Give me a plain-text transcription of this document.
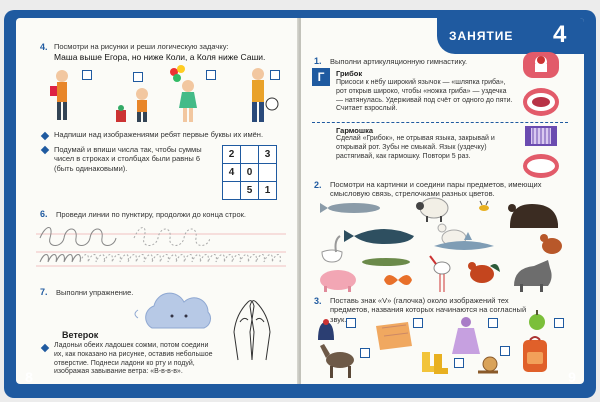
4. Посмотри на рисунки и реши логическую задачку:
Маша выше Егора, но ниже Коли, а Коля ниже Саши.
Надпиши над изображениями ребят первые буквы их имён.
Подумай и впиши числа так, чтобы суммы чисел в строках и столбцах были равны 6 (быть одинаковыми).
2		3
4	0	
	5	1
6. Проведи линии по пунктиру, продолжи до конца строк.
7. Выполни упражнение.
Ветерок
Ладоньи обеих ладошек сожми, потом соедини их, как показано на рисунке, оставив небольшое отверстие. Поднеси ладони ко рту и подуй, изображая завывание ветра: «В-в-в-в».
8
ЗАНЯТИЕ 4
1. Выполни артикуляционную гимнастику.
Г	Грибок
Присоси к нёбу широкий язычок — «шляпка гриба», рот открыв широко, чтобы «ножка гриба» — уздечка — натянулась. Удерживай под счёт от одного до пяти. Считает взрослый.
Гармошка
Сделай «Грибок», не отрывая языка, закрывай и открывай рот. Зубы не смыкай. Язык (уздечку) растягивай, как гармошку. Повтори 5 раз.
2. Посмотри на картинки и соедини пары предметов, имеющих смысловую связь, стрелочками разных цветов.
3. Поставь знак «V» (галочка) около изображений тех предметов, названия которых начинаются на согласный звук.
9
